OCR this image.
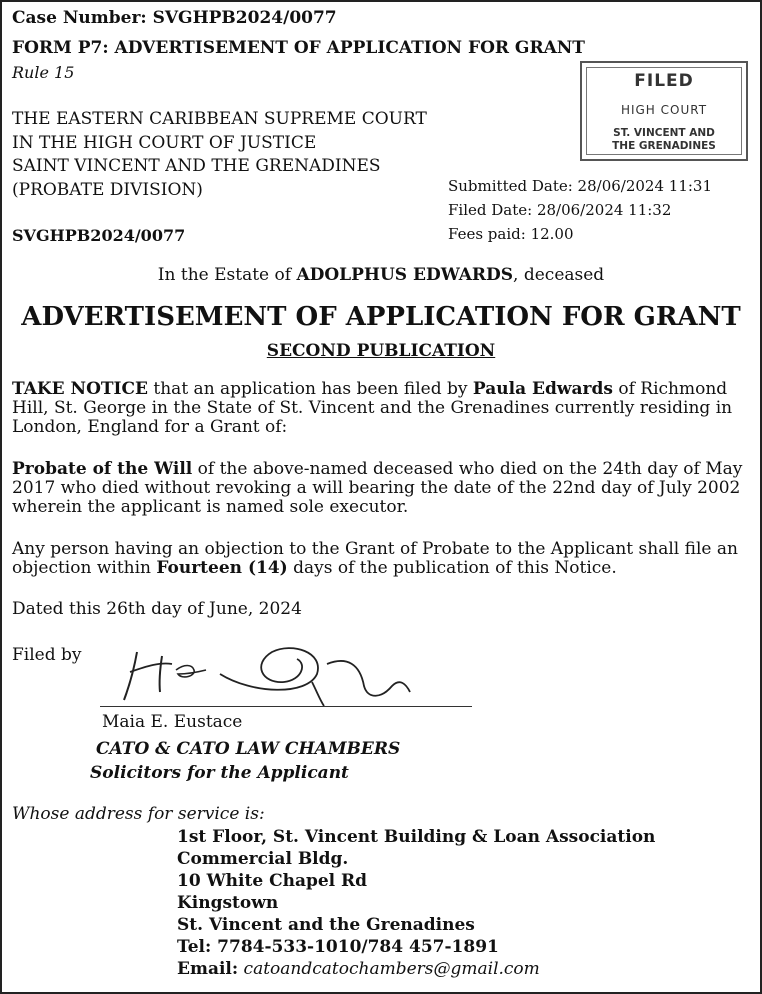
Case Number: SVGHPB2024/0077
FORM P7: ADVERTISEMENT OF APPLICATION FOR GRANT
Rule 15
THE EASTERN CARIBBEAN SUPREME COURT
IN THE HIGH COURT OF JUSTICE
SAINT VINCENT AND THE GRENADINES
(PROBATE DIVISION)
SVGHPB2024/0077
FILED
HIGH COURT
ST. VINCENT AND
THE GRENADINES
Submitted Date: 28/06/2024 11:31
Filed Date: 28/06/2024 11:32
Fees paid: 12.00
In the Estate of ADOLPHUS EDWARDS, deceased
ADVERTISEMENT OF APPLICATION FOR GRANT
SECOND PUBLICATION

TAKE NOTICE that an application has been filed by Paula Edwards of Richmond Hill, St. George in the State of St. Vincent and the Grenadines currently residing in London, England for a Grant of:

Probate of the Will of the above-named deceased who died on the 24th day of May 2017 who died without revoking a will bearing the date of the 22nd day of July 2002 wherein the applicant is named sole executor.

Any person having an objection to the Grant of Probate to the Applicant shall file an objection within Fourteen (14) days of the publication of this Notice.

Dated this 26th day of June, 2024
Filed by
Maia E. Eustace
CATO & CATO LAW CHAMBERS
Solicitors for the Applicant
Whose address for service is:
1st Floor, St. Vincent Building & Loan Association
Commercial Bldg.
10 White Chapel Rd
Kingstown
St. Vincent and the Grenadines
Tel: 7784-533-1010/784 457-1891
Email: catoandcatochambers@gmail.com
